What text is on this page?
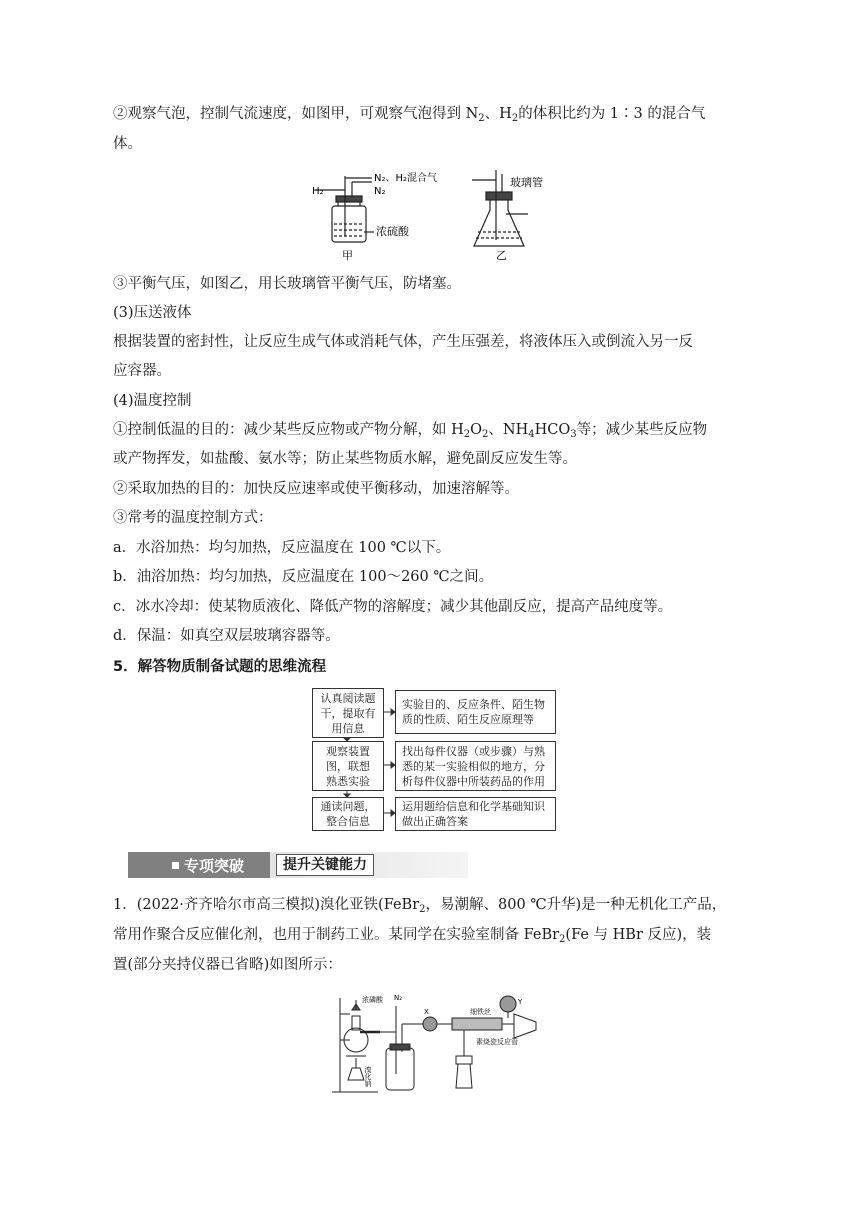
②观察气泡，控制气流速度，如图甲，可观察气泡得到 $N_2$、$H_2$的体积比约为 1∶3 的混合气
体。
H₂
N₂、H₂混合气
N₂
浓硫酸
甲
玻璃管
乙
③平衡气压，如图乙，用长玻璃管平衡气压，防堵塞。
(3)压送液体
根据装置的密封性，让反应生成气体或消耗气体，产生压强差，将液体压入或倒流入另一反
应容器。
(4)温度控制
①控制低温的目的：减少某些反应物或产物分解，如 $H_2O_2$、$NH_4HCO_3$等；减少某些反应物
或产物挥发，如盐酸、氨水等；防止某些物质水解，避免副反应发生等。
②采取加热的目的：加快反应速率或使平衡移动，加速溶解等。
③常考的温度控制方式：
a．水浴加热：均匀加热，反应温度在 100 ℃以下。
b．油浴加热：均匀加热，反应温度在 100～260 ℃之间。
c．冰水冷却：使某物质液化、降低产物的溶解度；减少其他副反应，提高产品纯度等。
d．保温：如真空双层玻璃容器等。
5．解答物质制备试题的思维流程
认真阅读题
干，提取有
用信息
实验目的、反应条件、陌生物
质的性质、陌生反应原理等
观察装置
图，联想
熟悉实验
找出每件仪器（或步骤）与熟
悉的某一实验相似的地方，分
析每件仪器中所装药品的作用
通读问题，
整合信息
运用题给信息和化学基础知识
做出正确答案
专项突破	提升关键能力
1．(2022·齐齐哈尔市高三模拟)溴化亚铁(FeBr$_2$，易潮解、800 ℃升华)是一种无机化工产品，
常用作聚合反应催化剂，也用于制药工业。某同学在实验室制备 FeBr$_2$(Fe 与 HBr 反应)，装
置(部分夹持仪器已省略)如图所示：
浓磷酸 N₂
X	细铁丝
Y
溴化钠
素烧瓷反应管
